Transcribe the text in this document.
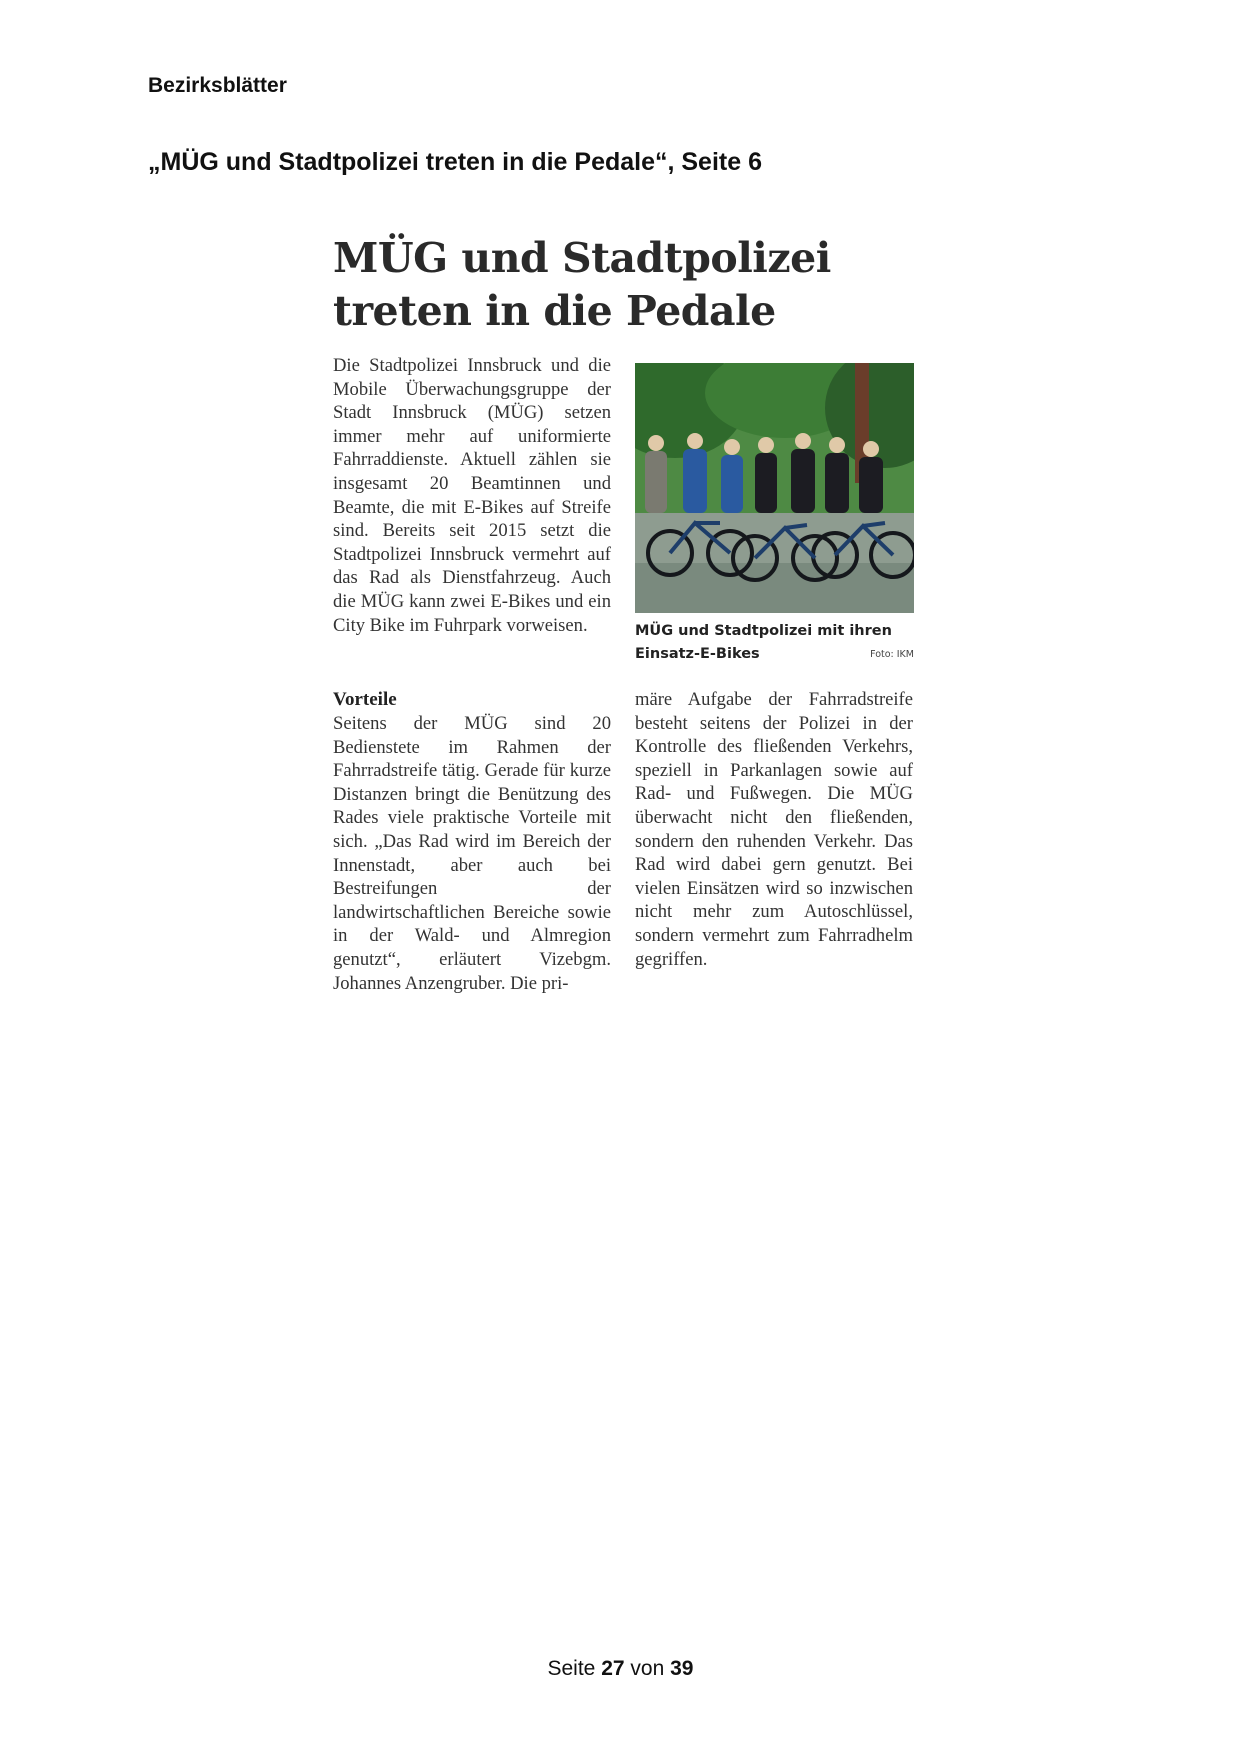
Bezirksblätter
„MÜG und Stadtpolizei treten in die Pedale“, Seite 6
MÜG und Stadtpolizei
treten in die Pedale

Die Stadtpolizei Innsbruck und die Mobile Überwachungsgruppe der Stadt Innsbruck (MÜG) setzen immer mehr auf uniformierte Fahrraddienste. Aktuell zählen sie insgesamt 20 Beamtinnen und Beamte, die mit E-Bikes auf Streife sind. Bereits seit 2015 setzt die Stadtpolizei Innsbruck vermehrt auf das Rad als Dienstfahrzeug. Auch die MÜG kann zwei E-Bikes und ein City Bike im Fuhrpark vorweisen.	MÜG und Stadtpolizei mit ihren
Einsatz-E-Bikes	Foto: IKM
Vorteile

Seitens der MÜG sind 20 Bedienstete im Rahmen der Fahrradstreife tätig. Gerade für kurze Distanzen bringt die Benützung des Rades viele praktische Vorteile mit sich. „Das Rad wird im Bereich der Innenstadt, aber auch bei Bestreifungen der landwirtschaftlichen Bereiche sowie in der Wald- und Almregion genutzt“, erläutert Vizebgm. Johannes Anzengruber. Die pri-

märe Aufgabe der Fahrradstreife besteht seitens der Polizei in der Kontrolle des fließenden Verkehrs, speziell in Parkanlagen sowie auf Rad- und Fußwegen. Die MÜG überwacht nicht den fließenden, sondern den ruhenden Verkehr. Das Rad wird dabei gern genutzt. Bei vielen Einsätzen wird so inzwischen nicht mehr zum Autoschlüssel, sondern vermehrt zum Fahrradhelm gegriffen.

Seite 27 von 39
